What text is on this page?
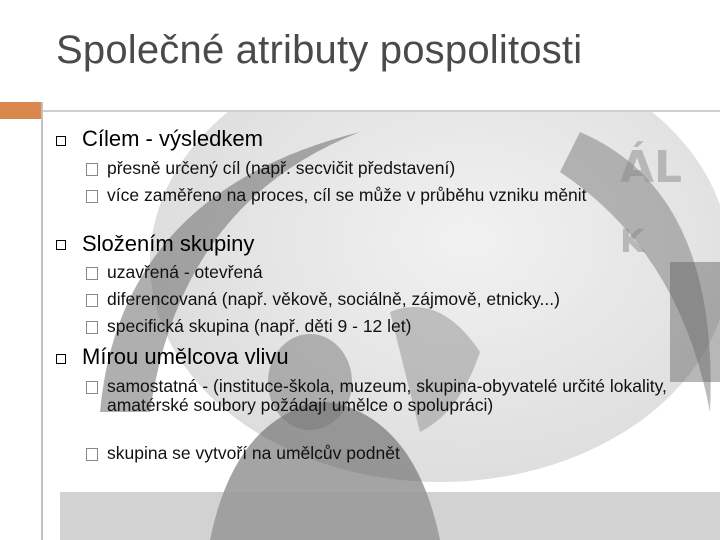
Společné atributy pospolitosti
ÁL
K
Cílem - výsledkem
přesně určený cíl (např. secvičit představení)
více zaměřeno na proces, cíl se může v průběhu vzniku měnit
Složením skupiny
uzavřená - otevřená
diferencovaná (např. věkově, sociálně, zájmově, etnicky...)
specifická skupina (např. děti 9 - 12 let)
Mírou umělcova vlivu
samostatná - (instituce-škola, muzeum, skupina-obyvatelé určité lokality, amatérské soubory požádají umělce o spolupráci)
skupina se vytvoří na umělcův podnět
